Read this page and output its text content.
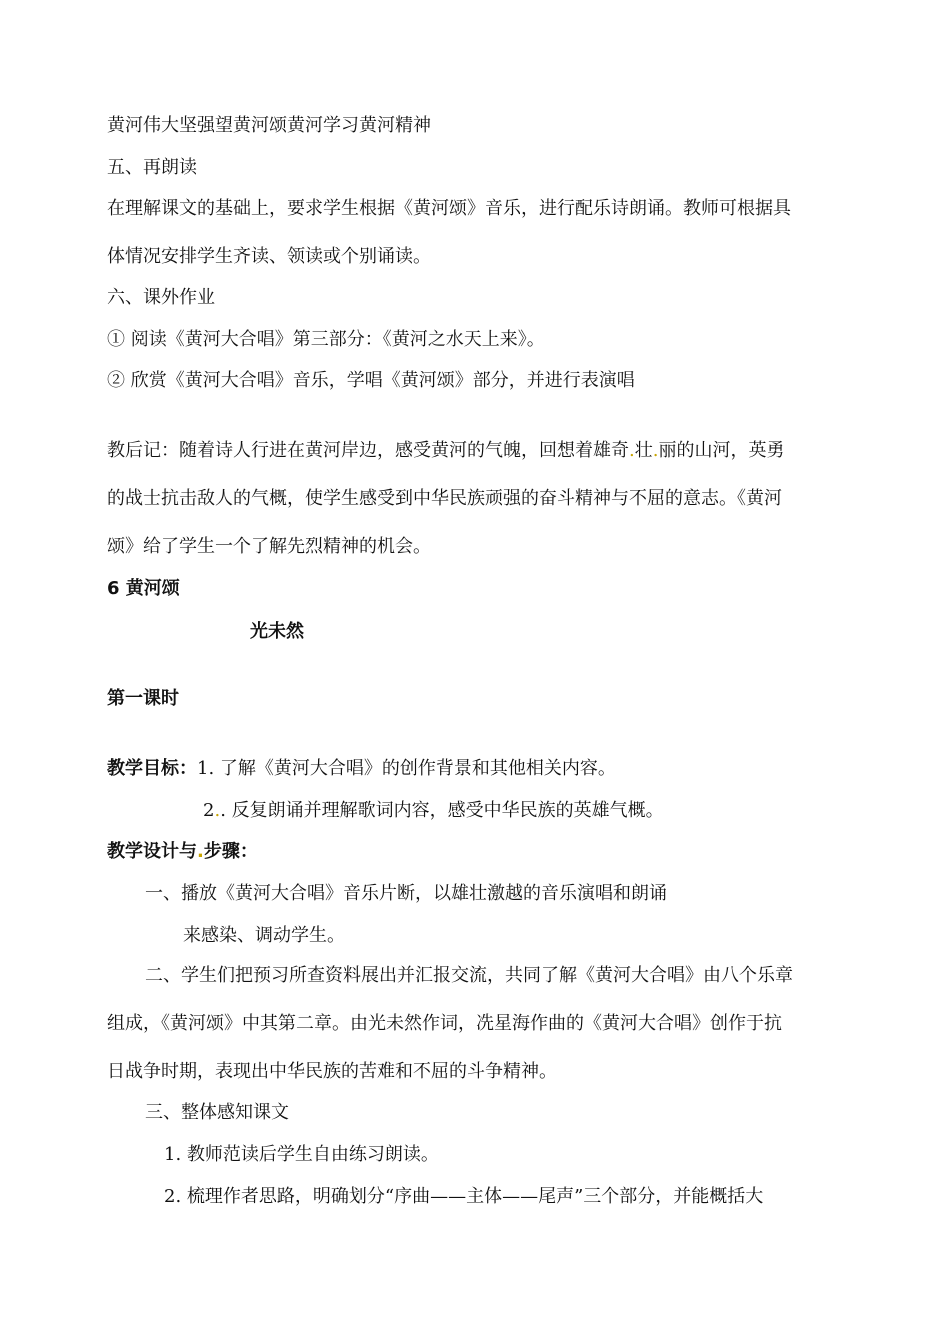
黄河伟大坚强望黄河颂黄河学习黄河精神
五、再朗读
在理解课文的基础上，要求学生根据《黄河颂》音乐，进行配乐诗朗诵。教师可根据具
体情况安排学生齐读、领读或个别诵读。
六、课外作业
① 阅读《黄河大合唱》第三部分：《黄河之水天上来》。
② 欣赏《黄河大合唱》音乐，学唱《黄河颂》部分，并进行表演唱
教后记：随着诗人行进在黄河岸边，感受黄河的气魄，回想着雄奇.壮.丽的山河，英勇
的战士抗击敌人的气概，使学生感受到中华民族顽强的奋斗精神与不屈的意志。《黄河
颂》给了学生一个了解先烈精神的机会。
6 黄河颂
光未然
第一课时
教学目标：1. 了解《黄河大合唱》的创作背景和其他相关内容。
2.. 反复朗诵并理解歌词内容，感受中华民族的英雄气概。
教学设计与.步骤：
一、播放《黄河大合唱》音乐片断，以雄壮激越的音乐演唱和朗诵
来感染、调动学生。
二、学生们把预习所查资料展出并汇报交流，共同了解《黄河大合唱》由八个乐章
组成，《黄河颂》中其第二章。由光未然作词，冼星海作曲的《黄河大合唱》创作于抗
日战争时期，表现出中华民族的苦难和不屈的斗争精神。
三、整体感知课文
1. 教师范读后学生自由练习朗读。
2. 梳理作者思路，明确划分“序曲——主体——尾声”三个部分，并能概括大
